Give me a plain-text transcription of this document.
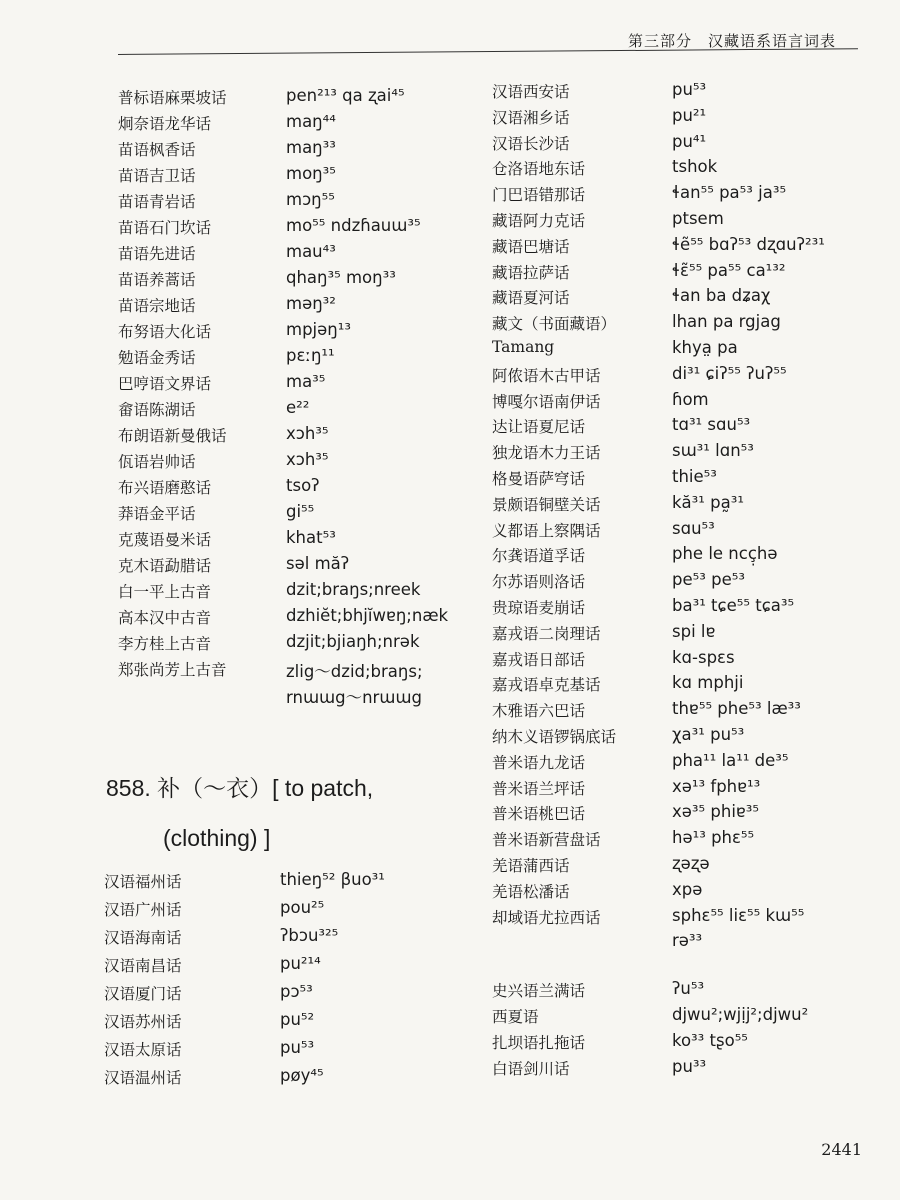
第三部分　汉藏语系语言词表
普标语麻栗坡话	pen²¹³ qa ʐai⁴⁵
炯奈语龙华话	maŋ⁴⁴
苗语枫香话	maŋ³³
苗语吉卫话	moŋ³⁵
苗语青岩话	mɔŋ⁵⁵
苗语石门坎话	mo⁵⁵ ndzɦauɯ³⁵
苗语先进话	mau⁴³
苗语养蒿话	qhaŋ³⁵ moŋ³³
苗语宗地话	məŋ³²
布努语大化话	mpjəŋ¹³
勉语金秀话	pɛːŋ¹¹
巴哼语文界话	ma³⁵
畲语陈湖话	e²²
布朗语新曼俄话	xɔh³⁵
佤语岩帅话	xɔh³⁵
布兴语磨憨话	tsoʔ
莽语金平话	gi⁵⁵
克蔑语曼米话	khat⁵³
克木语勐腊话	səl măʔ
白一平上古音	dzit;braŋs;nreek
高本汉中古音	dzhiĕt;bhjĭwɐŋ;næk
李方桂上古音	dzjit;bjiaŋh;nrək
郑张尚芳上古音	zlig～dzid;braŋs;
rnɯɯg～nrɯɯg
汉语福州话	thieŋ⁵² βuo³¹
汉语广州话	pou²⁵
汉语海南话	ʔbɔu³²⁵
汉语南昌话	pu²¹⁴
汉语厦门话	pɔ⁵³
汉语苏州话	pu⁵²
汉语太原话	pu⁵³
汉语温州话	pøy⁴⁵
汉语西安话	pu⁵³
汉语湘乡话	pu²¹
汉语长沙话	pu⁴¹
仓洛语地东话	tshok
门巴语错那话	ɬan⁵⁵ pa⁵³ ja³⁵
藏语阿力克话	ptsem
藏语巴塘话	ɬẽ⁵⁵ bɑʔ⁵³ dʐɑuʔ²³¹
藏语拉萨话	ɬɛ̃⁵⁵ pa⁵⁵ ca¹³²
藏语夏河话	ɬan ba dʑaχ
藏文（书面藏语）	lhan pa rgjag
Tamang	khya̤ pa
阿侬语木古甲话	di³¹ ɕiʔ⁵⁵ ʔuʔ⁵⁵
博嘎尔语南伊话	ɦom
达让语夏尼话	tɑ³¹ sɑu⁵³
独龙语木力王话	sɯ³¹ lɑn⁵³
格曼语萨穹话	thie⁵³
景颇语铜壁关话	kă³¹ pa̰³¹
义都语上察隅话	sɑu⁵³
尔龚语道孚话	phe le ncç̣hə
尔苏语则洛话	pe⁵³ pe⁵³
贵琼语麦崩话	ba³¹ tɕe⁵⁵ tɕa³⁵
嘉戎语二岗理话	spi lɐ
嘉戎语日部话	kɑ-spɛs
嘉戎语卓克基话	kɑ mphji
木雅语六巴话	thɐ⁵⁵ phe⁵³ læ³³
纳木义语锣锅底话	χa³¹ pu⁵³
普米语九龙话	pha¹¹ la¹¹ de³⁵
普米语兰坪话	xə¹³ fphɐ¹³
普米语桃巴话	xə³⁵ phiɐ³⁵
普米语新营盘话	hə¹³ phɛ⁵⁵
羌语蒲西话	ʐəʐə
羌语松潘话	xpə
却域语尤拉西话	sphɛ⁵⁵ liɛ⁵⁵ kɯ⁵⁵
rə³³
史兴语兰满话	ʔu⁵³
西夏语	djwu²;wjịj²;djwu²
扎坝语扎拖话	ko³³ tʂo⁵⁵
白语剑川话	pu³³
858. 补（～衣）[ to patch,
(clothing) ]
2441
